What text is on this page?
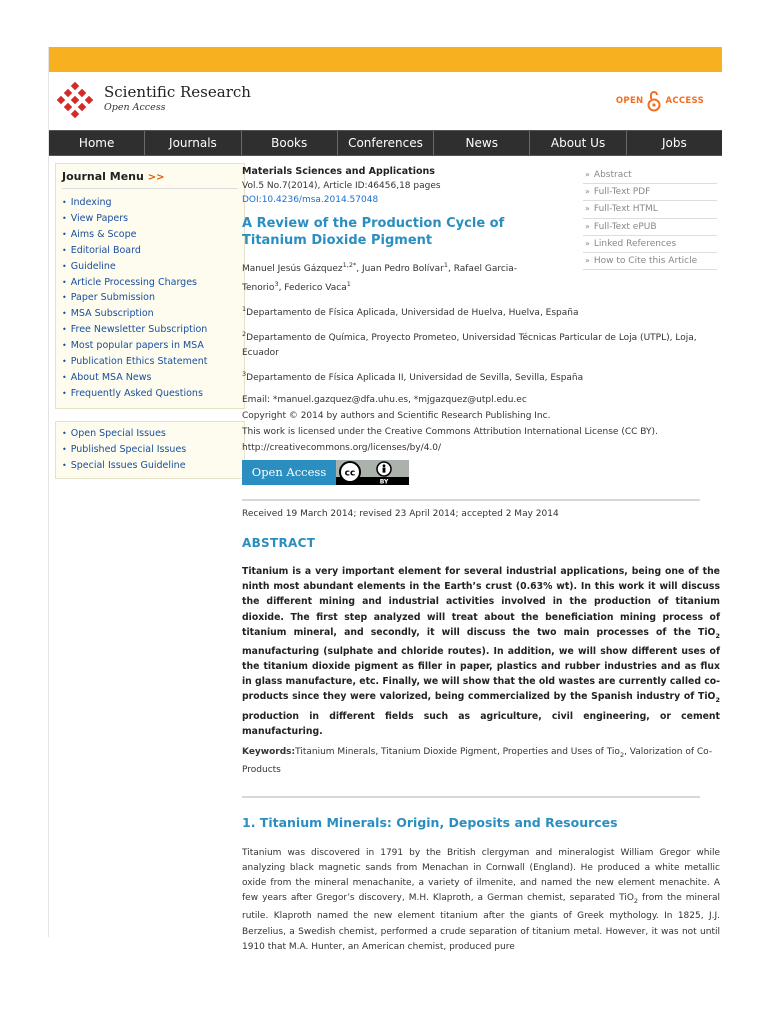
Scientific Research
Open Access
OPEN	ACCESS
Home	Journals	Books	Conferences	News	About Us	Jobs
Journal Menu >>
• Indexing
• View Papers
• Aims & Scope
• Editorial Board
• Guideline
• Article Processing Charges
• Paper Submission
• MSA Subscription
• Free Newsletter Subscription
• Most popular papers in MSA
• Publication Ethics Statement
• About MSA News
• Frequently Asked Questions
• Open Special Issues
• Published Special Issues
• Special Issues Guideline
» Abstract
» Full-Text PDF
» Full-Text HTML
» Full-Text ePUB
» Linked References
» How to Cite this Article
Materials Sciences and Applications
Vol.5 No.7(2014), Article ID:46456,18 pages
DOI:10.4236/msa.2014.57048
A Review of the Production Cycle of Titanium Dioxide Pigment
Manuel Jesús Gázquez$^{1,2*}$, Juan Pedro Bolívar$^1$, Rafael Garcia-Tenorio$^3$, Federico Vaca$^1$
$^1$Departamento de Física Aplicada, Universidad de Huelva, Huelva, España
$^2$Departamento de Química, Proyecto Prometeo, Universidad Técnicas Particular de Loja (UTPL), Loja, Ecuador
$^3$Departamento de Física Aplicada II, Universidad de Sevilla, Sevilla, España
Email: *manuel.gazquez@dfa.uhu.es, *mjgazquez@utpl.edu.ec
Copyright © 2014 by authors and Scientific Research Publishing Inc.
This work is licensed under the Creative Commons Attribution International License (CC BY).
http://creativecommons.org/licenses/by/4.0/
Open Access	cc
BY
Received 19 March 2014; revised 23 April 2014; accepted 2 May 2014
ABSTRACT
Titanium is a very important element for several industrial applications, being one of the ninth most abundant elements in the Earth’s crust (0.63% wt). In this work it will discuss the different mining and industrial activities involved in the production of titanium dioxide. The first step analyzed will treat about the beneficiation mining process of titanium mineral, and secondly, it will discuss the two main processes of the TiO$_2$ manufacturing (sulphate and chloride routes). In addition, we will show different uses of the titanium dioxide pigment as filler in paper, plastics and rubber industries and as flux in glass manufacture, etc. Finally, we will show that the old wastes are currently called co-products since they were valorized, being commercialized by the Spanish industry of TiO$_2$ production in different fields such as agriculture, civil engineering, or cement manufacturing.
Keywords:Titanium Minerals, Titanium Dioxide Pigment, Properties and Uses of Tio$_2$, Valorization of Co-Products
1. Titanium Minerals: Origin, Deposits and Resources
Titanium was discovered in 1791 by the British clergyman and mineralogist William Gregor while analyzing black magnetic sands from Menachan in Cornwall (England). He produced a white metallic oxide from the mineral menachanite, a variety of ilmenite, and named the new element menachite. A few years after Gregor’s discovery, M.H. Klaproth, a German chemist, separated TiO$_2$ from the mineral rutile. Klaproth named the new element titanium after the giants of Greek mythology. In 1825, J.J. Berzelius, a Swedish chemist, performed a crude separation of titanium metal. However, it was not until 1910 that M.A. Hunter, an American chemist, produced pure
